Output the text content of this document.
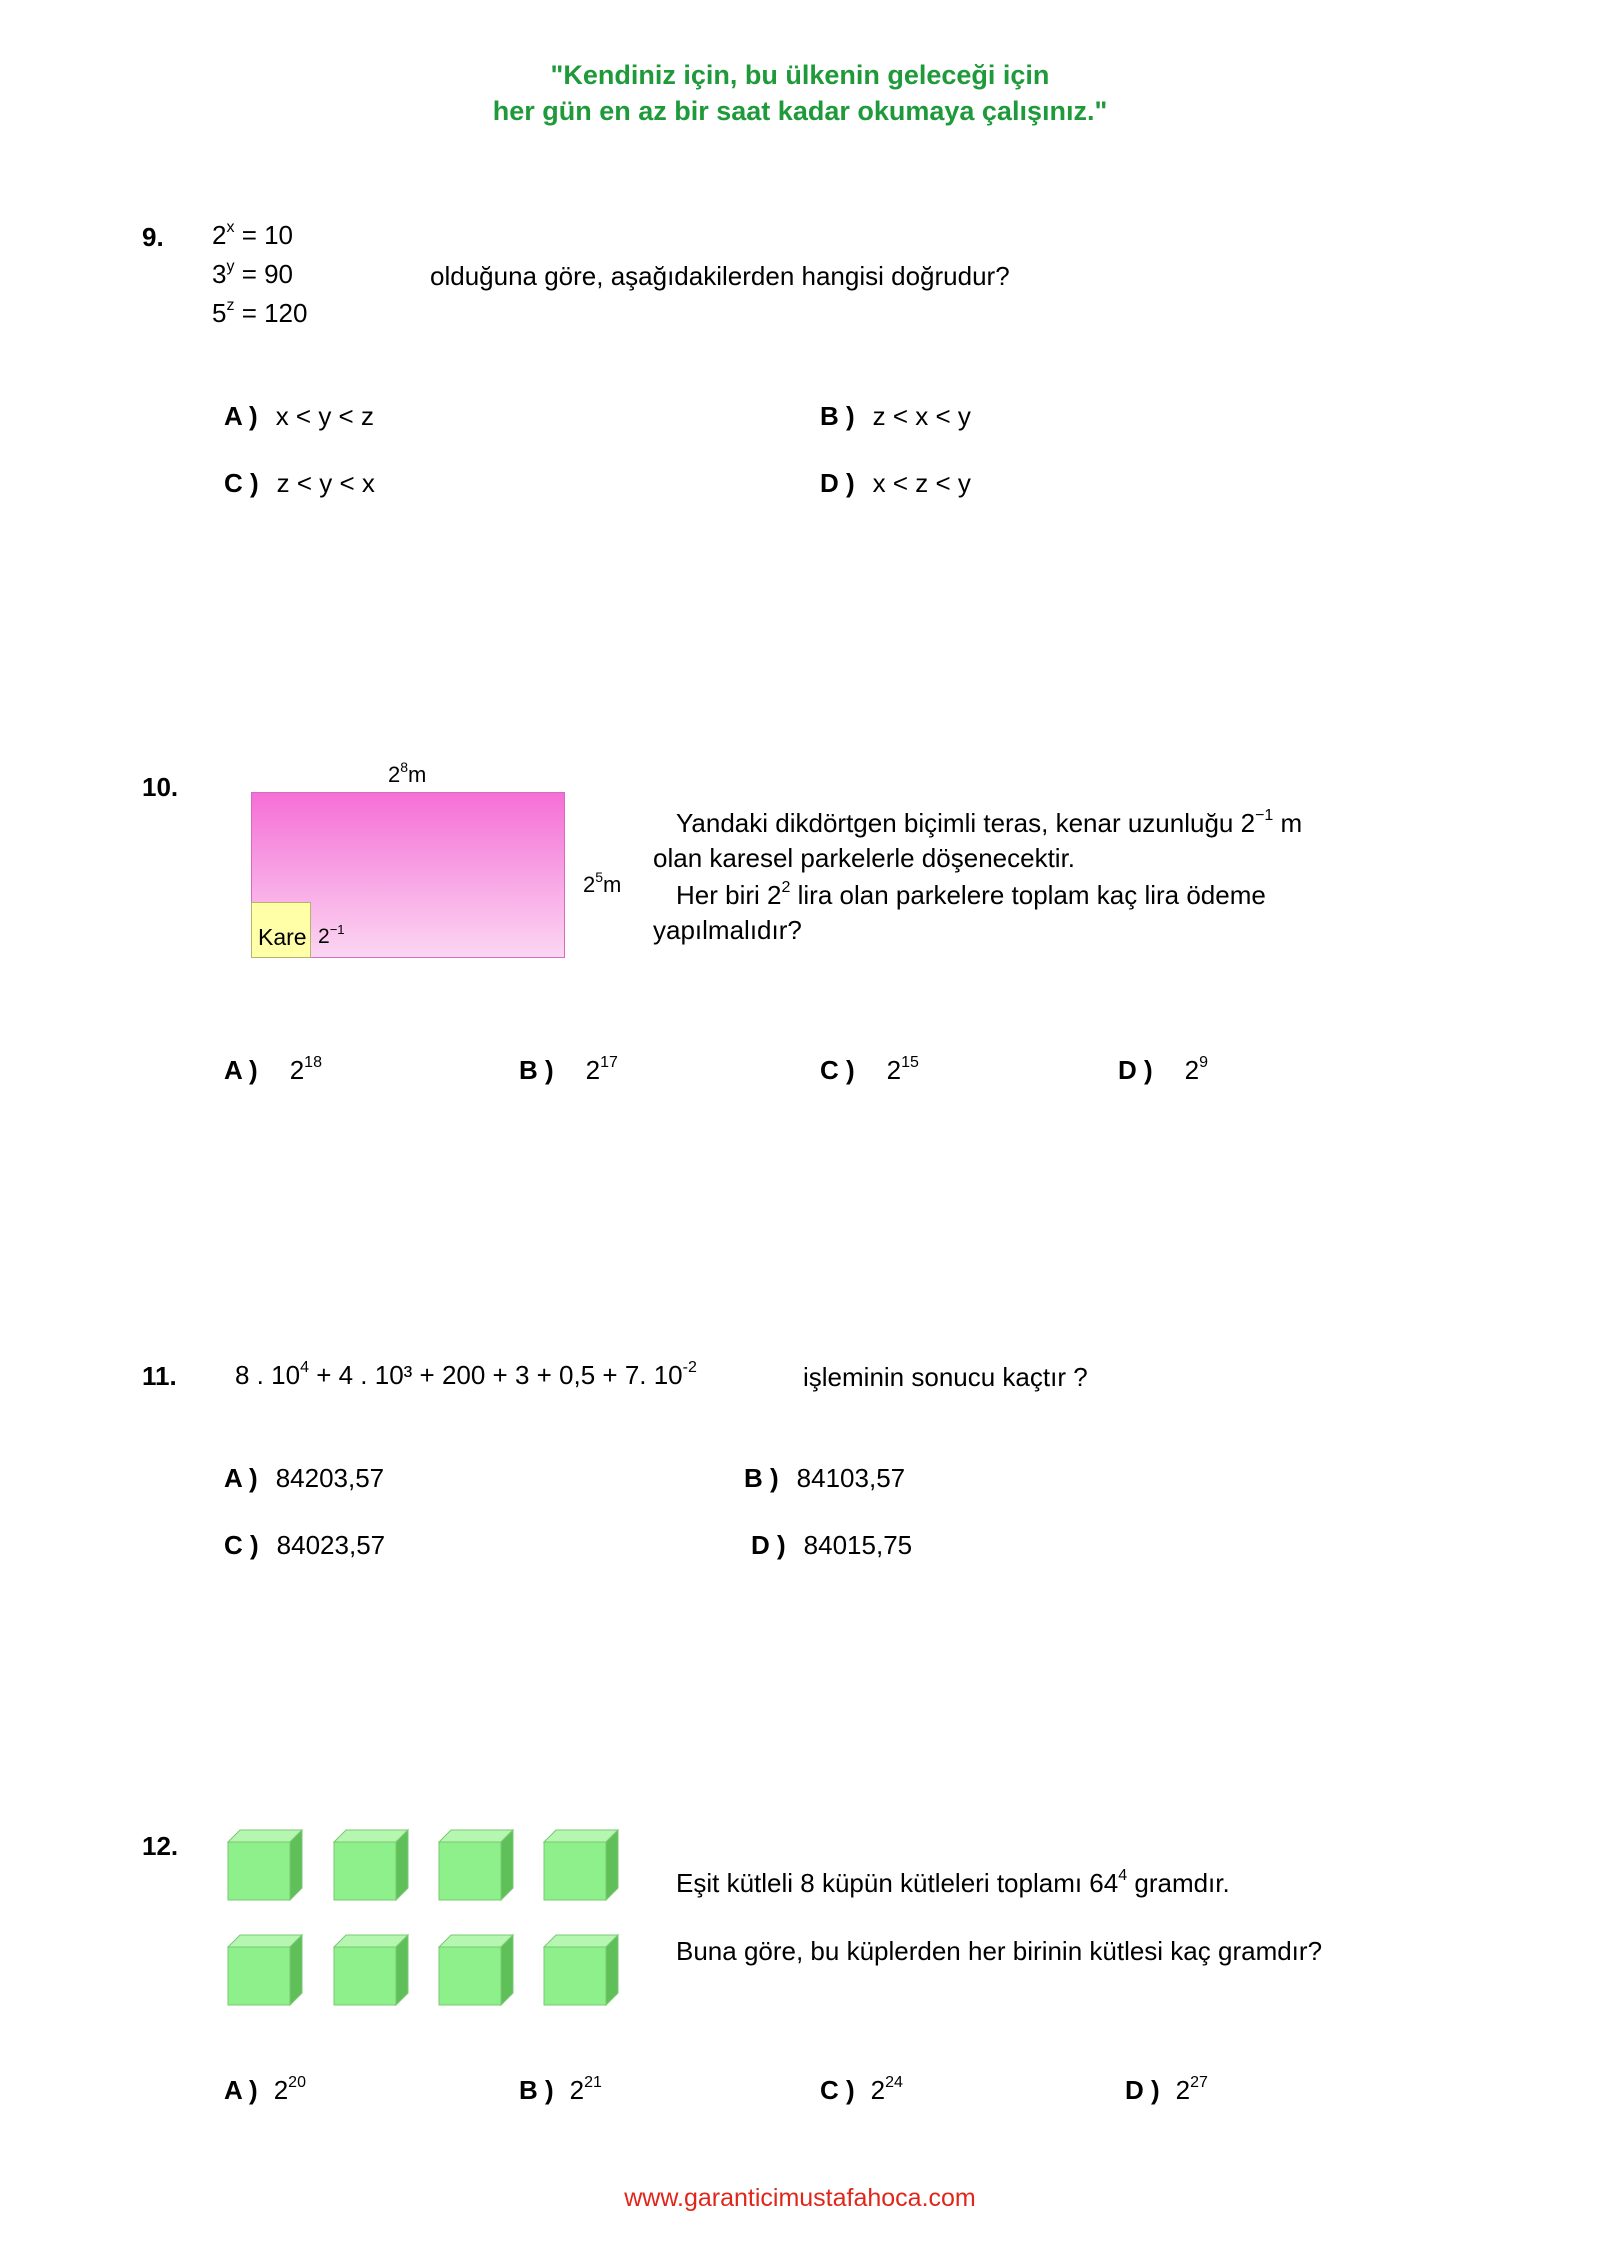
"Kendiniz için, bu ülkenin geleceği için
her gün en az bir saat kadar okumaya çalışınız."
9. $2^x = 10$
$3^y = 90$
$5^z = 120$
olduğuna göre, aşağıdakilerden hangisi doğrudur?
A ) x < y < z	B ) z < x < y
C ) z < y < x	D ) x < z < y
10.	$2^8m$
Kare $2^{-1}$
$2^5m$
Yandaki dikdörtgen biçimli teras, kenar uzunluğu $2^{-1}$ m
olan karesel parkelerle döşenecektir.
Her biri $2^2$ lira olan parkelere toplam kaç lira ödeme
yapılmalıdır?
A ) $2^{18}$	B ) $2^{17}$	C ) $2^{15}$	D ) $2^9$
11. 8 . $10^4 + 4$ . 10³ + 200 + 3 + 0,5 + 7. $10^{-2}$	işleminin sonucu kaçtır ?
A ) 84203,57	B ) 84103,57
C ) 84023,57	D ) 84015,75
12.
Eşit kütleli 8 küpün kütleleri toplamı $64^4$ gramdır.
Buna göre, bu küplerden her birinin kütlesi kaç gramdır?
A ) $2^{20}$	B ) $2^{21}$	C ) $2^{24}$	D ) $2^{27}$
www.garanticimustafahoca.com
